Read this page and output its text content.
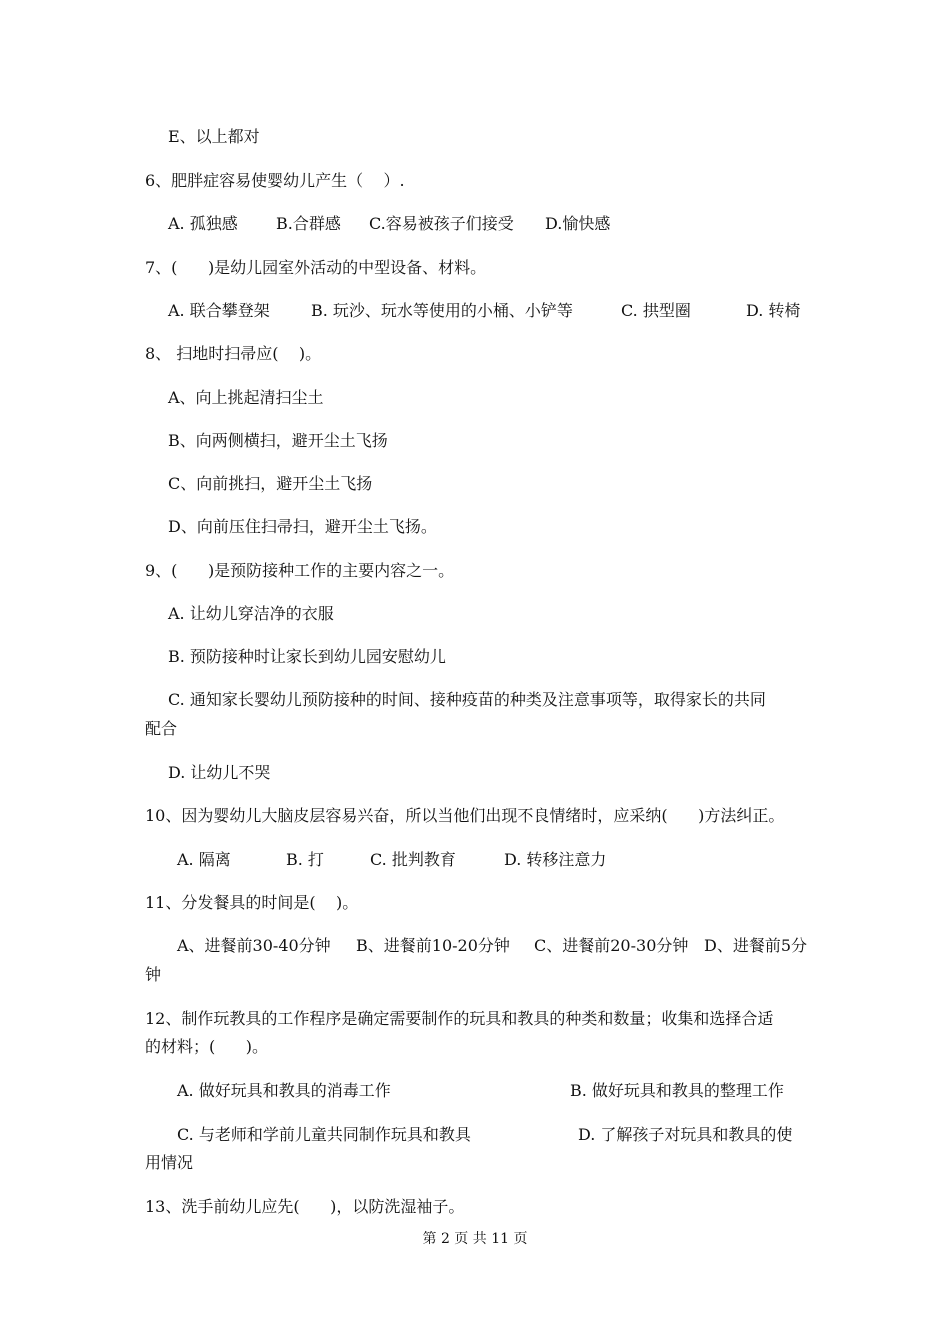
E、以上都对
6、肥胖症容易使婴幼儿产生（    ）.
A. 孤独感 B.合群感 C.容易被孩子们接受 D.愉快感
7、(      )是幼儿园室外活动的中型设备、材料。
A. 联合攀登架	B. 玩沙、玩水等使用的小桶、小铲等	C. 拱型圈	D. 转椅
8、 扫地时扫帚应(    )。
A、向上挑起清扫尘土
B、向两侧横扫，避开尘土飞扬
C、向前挑扫，避开尘土飞扬
D、向前压住扫帚扫，避开尘土飞扬。
9、(      )是预防接种工作的主要内容之一。
A. 让幼儿穿洁净的衣服
B. 预防接种时让家长到幼儿园安慰幼儿
C. 通知家长婴幼儿预防接种的时间、接种疫苗的种类及注意事项等，取得家长的共同
配合
D. 让幼儿不哭
10、因为婴幼儿大脑皮层容易兴奋，所以当他们出现不良情绪时，应采纳(      )方法纠正。
A. 隔离	B. 打	C. 批判教育	D. 转移注意力
11、分发餐具的时间是(    )。
A、进餐前30-40分钟 B、进餐前10-20分钟 C、进餐前20-30分钟 D、进餐前5分
钟
12、制作玩教具的工作程序是确定需要制作的玩具和教具的种类和数量；收集和选择合适
的材料；(      )。
A. 做好玩具和教具的消毒工作	B. 做好玩具和教具的整理工作
C. 与老师和学前儿童共同制作玩具和教具	D. 了解孩子对玩具和教具的使
用情况
13、洗手前幼儿应先(      )，以防洗湿袖子。
第 2 页 共 11 页
